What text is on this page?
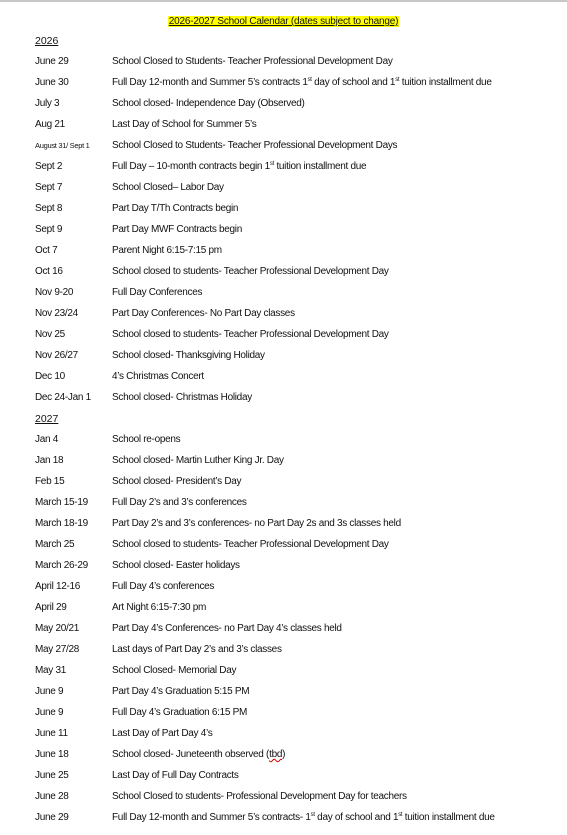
2026-2027 School Calendar (dates subject to change)
2026
June 29	School Closed to Students- Teacher Professional Development Day
June 30	Full Day 12-month and Summer 5’s contracts 1st day of school and 1st tuition installment due
July 3	School closed- Independence Day (Observed)
Aug 21	Last Day of School for Summer 5’s
August 31/ Sept 1	School Closed to Students- Teacher Professional Development Days
Sept 2	Full Day – 10-month contracts begin 1st tuition installment due
Sept 7	School Closed– Labor Day
Sept 8	Part Day T/Th Contracts begin
Sept 9	Part Day MWF Contracts begin
Oct 7	Parent Night 6:15-7:15 pm
Oct 16	School closed to students- Teacher Professional Development Day
Nov 9-20	Full Day Conferences
Nov 23/24	Part Day Conferences- No Part Day classes
Nov 25	School closed to students- Teacher Professional Development Day
Nov 26/27	School closed- Thanksgiving Holiday
Dec 10	4’s Christmas Concert
Dec 24-Jan 1	School closed- Christmas Holiday
2027
Jan 4	School re-opens
Jan 18	School closed- Martin Luther King Jr. Day
Feb 15	School closed- President’s Day
March 15-19	Full Day 2’s and 3’s conferences
March 18-19	Part Day 2’s and 3’s conferences- no Part Day 2s and 3s classes held
March 25	School closed to students- Teacher Professional Development Day
March 26-29	School closed- Easter holidays
April 12-16	Full Day 4’s conferences
April 29	Art Night 6:15-7:30 pm
May 20/21	Part Day 4’s Conferences- no Part Day 4’s classes held
May 27/28	Last days of Part Day 2’s and 3’s classes
May 31	School Closed- Memorial Day
June 9	Part Day 4’s Graduation 5:15 PM
June 9	Full Day 4’s Graduation 6:15 PM
June 11	Last Day of Part Day 4’s
June 18	School closed- Juneteenth observed (tbd)
June 25	Last Day of Full Day Contracts
June 28	School Closed to students- Professional Development Day for teachers
June 29	Full Day 12-month and Summer 5’s contracts- 1st day of school and 1st tuition installment due
